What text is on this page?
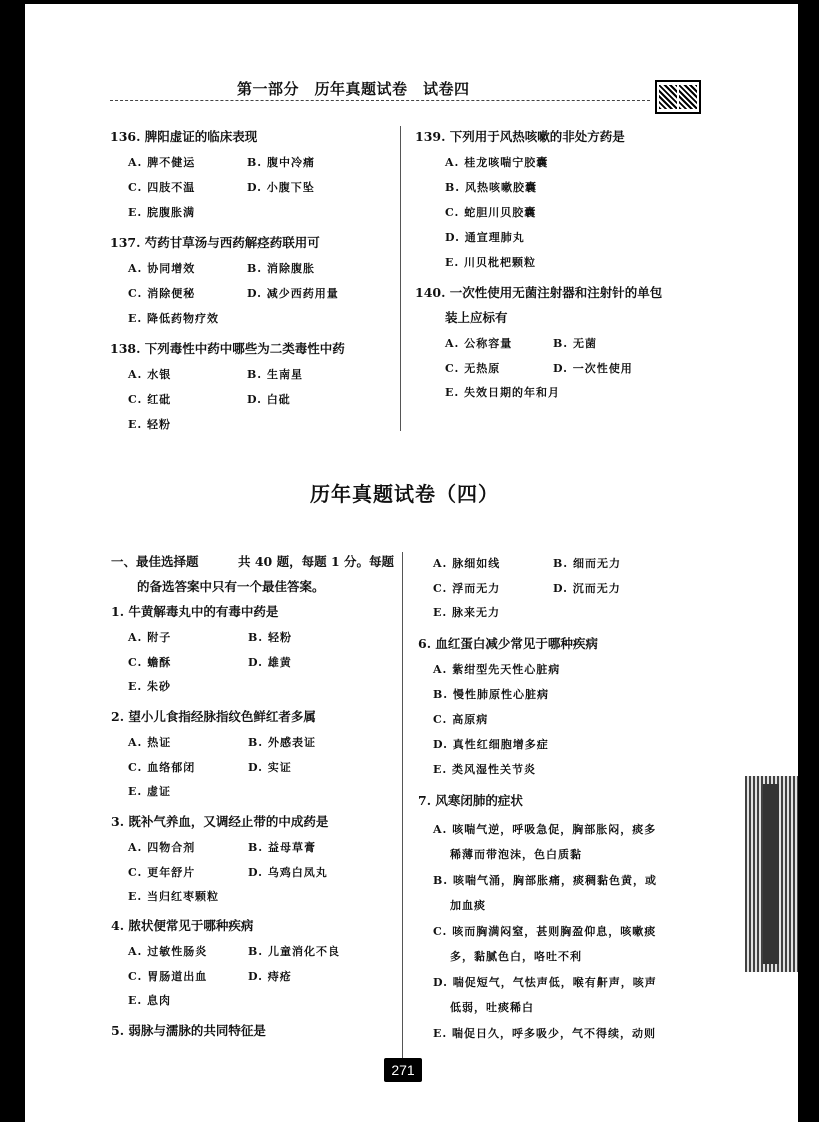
第一部分　历年真题试卷　试卷四
历年真题试卷（四）
271
136. 脾阳虚证的临床表现
A. 脾不健运	B. 腹中冷痛
C. 四肢不温	D. 小腹下坠
E. 脘腹胀满
137. 芍药甘草汤与西药解痉药联用可
A. 协同增效	B. 消除腹胀
C. 消除便秘	D. 减少西药用量
E. 降低药物疗效
138. 下列毒性中药中哪些为二类毒性中药
A. 水银	B. 生南星
C. 红砒	D. 白砒
E. 轻粉
139. 下列用于风热咳嗽的非处方药是
A. 桂龙咳喘宁胶囊
B. 风热咳嗽胶囊
C. 蛇胆川贝胶囊
D. 通宣理肺丸
E. 川贝枇杷颗粒
140. 一次性使用无菌注射器和注射针的单包
装上应标有
A. 公称容量	B. 无菌
C. 无热原	D. 一次性使用
E. 失效日期的年和月
一、最佳选择题	共 40 题，每题 1 分。每题
的备选答案中只有一个最佳答案。
1. 牛黄解毒丸中的有毒中药是
A. 附子	B. 轻粉
C. 蟾酥	D. 雄黄
E. 朱砂
2. 望小儿食指经脉指纹色鲜红者多属
A. 热证	B. 外感表证
C. 血络郁闭	D. 实证
E. 虚证
3. 既补气养血，又调经止带的中成药是
A. 四物合剂	B. 益母草膏
C. 更年舒片	D. 乌鸡白凤丸
E. 当归红枣颗粒
4. 脓状便常见于哪种疾病
A. 过敏性肠炎	B. 儿童消化不良
C. 胃肠道出血	D. 痔疮
E. 息肉
5. 弱脉与濡脉的共同特征是
A. 脉细如线	B. 细而无力
C. 浮而无力	D. 沉而无力
E. 脉来无力
6. 血红蛋白减少常见于哪种疾病
A. 紫绀型先天性心脏病
B. 慢性肺原性心脏病
C. 高原病
D. 真性红细胞增多症
E. 类风湿性关节炎
7. 风寒闭肺的症状
A. 咳喘气逆，呼吸急促，胸部胀闷，痰多
稀薄而带泡沫，色白质黏
B. 咳喘气涌，胸部胀痛，痰稠黏色黄，或
加血痰
C. 咳而胸满闷窒，甚则胸盈仰息，咳嗽痰
多，黏腻色白，咯吐不利
D. 喘促短气，气怯声低，喉有鼾声，咳声
低弱，吐痰稀白
E. 喘促日久，呼多吸少，气不得续，动则
